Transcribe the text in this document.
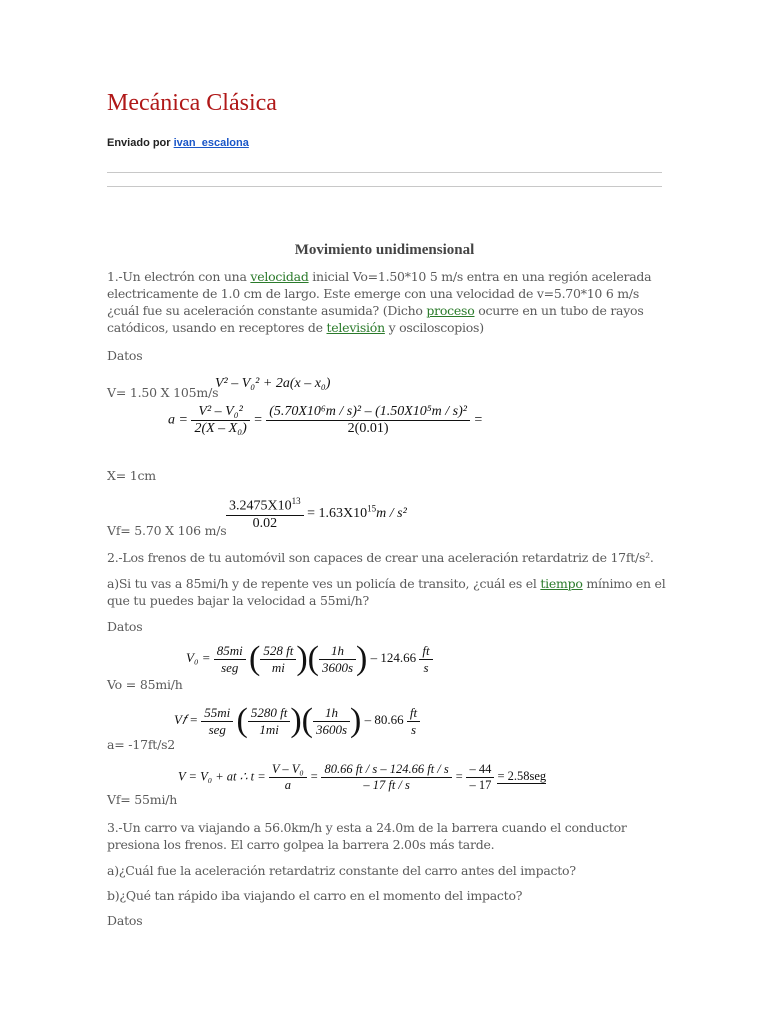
Mecánica Clásica
Enviado por ivan_escalona
Movimiento unidimensional
1.-Un electrón con una velocidad inicial Vo=1.50*10 5 m/s entra en una región acelerada electricamente de 1.0 cm de largo. Este emerge con una velocidad de v=5.70*10 6 m/s ¿cuál fue su aceleración constante asumida? (Dicho proceso ocurre en un tubo de rayos catódicos, usando en receptores de televisión y osciloscopios)
Datos
V= 1.50 X 105m/s
V² – V₀² + 2a(x – x₀)
$a = \frac{\text{V² – V₀²}}{\text{2(X – X₀)}} = \frac{\text{(5.70X10⁶m / s)² – (1.50X10⁵m / s)²}}{2(0.01)}$ =
X= 1cm
$\frac{3.2475X10^{13}}{0.02} = 1.63X10^{15}m / s^2$
Vf= 5.70 X 106 m/s
2.-Los frenos de tu automóvil son capaces de crear una aceleración retardatriz de 17ft/s².
a)Si tu vas a 85mi/h y de repente ves un policía de transito, ¿cuál es el tiempo mínimo en el que tu puedes bajar la velocidad a 55mi/h?
Datos
$V_0 = \frac{85mi}{\text{seg}}$ ( $\frac{528 ft}{mi}$ )( $\frac{1h}{3600s}$ ) – $124.66 \frac{ft}{s}$
Vo = 85mi/h
V𝑓 = $\frac{55mi}{\text{seg}}$ ( $\frac{5280 ft}{1mi}$ )( $\frac{1h}{3600s}$ ) – $80.66 \frac{ft}{s}$
a= -17ft/s2
V = V₀ + at ∴ $t = \frac{\text{V – V₀}}{a} = \frac{80.66 ft / s - 124.66 ft / s}{- 17 ft / s} = \frac{- 44}{- 17} = 2.58seg$
Vf= 55mi/h
3.-Un carro va viajando a 56.0km/h y esta a 24.0m de la barrera cuando el conductor presiona los frenos. El carro golpea la barrera 2.00s más tarde.
a)¿Cuál fue la aceleración retardatriz constante del carro antes del impacto?
b)¿Qué tan rápido iba viajando el carro en el momento del impacto?
Datos
